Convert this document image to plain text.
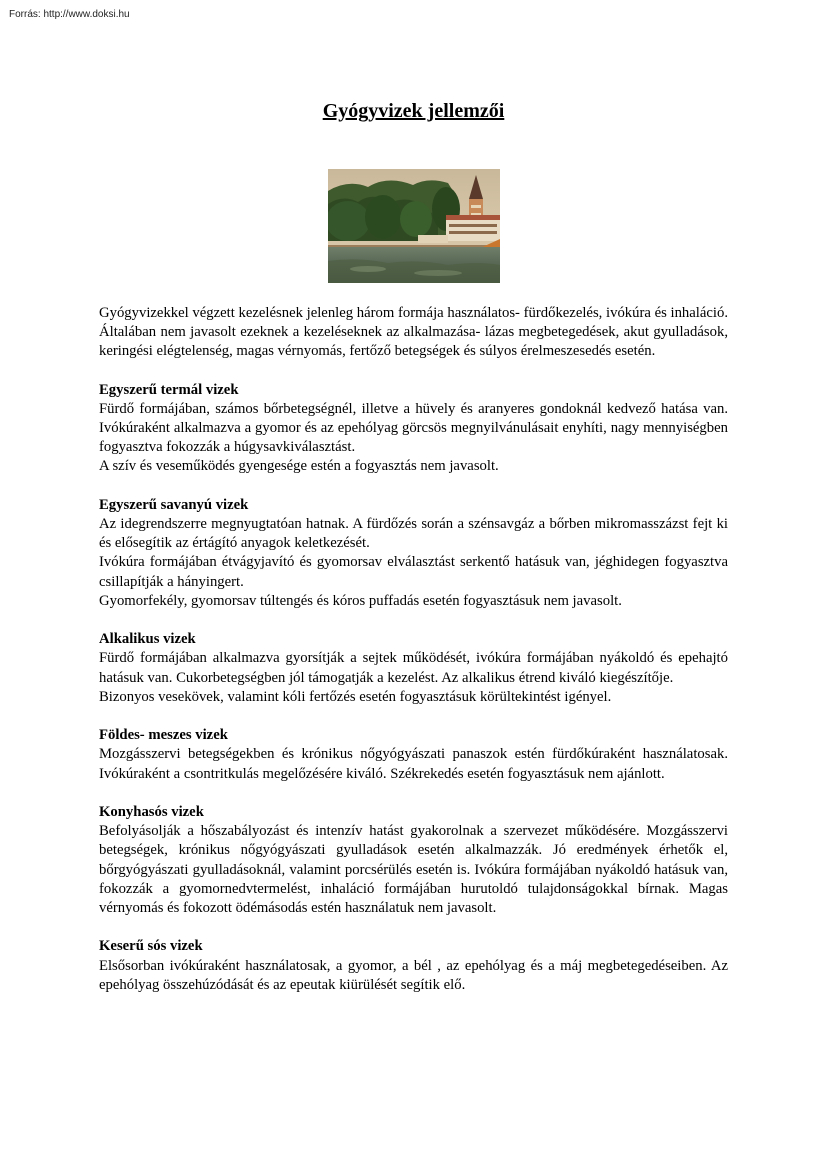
Forrás: http://www.doksi.hu
Gyógyvizek jellemzői

Gyógyvizekkel végzett kezelésnek jelenleg három formája használatos- fürdőkezelés, ivókúra és inhaláció. Általában nem javasolt ezeknek a kezeléseknek az alkalmazása- lázas megbetegedések, akut gyulladások, keringési elégtelenség, magas vérnyomás, fertőző betegségek és súlyos érelmeszesedés esetén.

Egyszerű termál vizek

Fürdő formájában, számos bőrbetegségnél, illetve a hüvely és aranyeres gondoknál kedvező hatása van. Ivókúraként alkalmazva a gyomor és az epehólyag görcsös megnyilvánulásait enyhíti, nagy mennyiségben fogyasztva fokozzák a húgysavkiválasztást.

A szív és veseműködés gyengesége estén a fogyasztás nem javasolt.

Egyszerű savanyú vizek

Az idegrendszerre megnyugtatóan hatnak. A fürdőzés során a szénsavgáz a bőrben mikromasszázst fejt ki és elősegítik az értágító anyagok keletkezését.

Ivókúra formájában étvágyjavító és gyomorsav elválasztást serkentő hatásuk van, jéghidegen fogyasztva csillapítják a hányingert.

Gyomorfekély, gyomorsav túltengés és kóros puffadás esetén fogyasztásuk nem javasolt.

Alkalikus vizek

Fürdő formájában alkalmazva gyorsítják a sejtek működését, ivókúra formájában nyákoldó és epehajtó hatásuk van. Cukorbetegségben jól támogatják a kezelést. Az alkalikus étrend kiváló kiegészítője.

Bizonyos vesekövek, valamint kóli fertőzés esetén fogyasztásuk körültekintést igényel.

Földes- meszes vizek

Mozgásszervi betegségekben és krónikus nőgyógyászati panaszok estén fürdőkúraként használatosak. Ivókúraként a csontritkulás megelőzésére kiváló. Székrekedés esetén fogyasztásuk nem ajánlott.

Konyhasós vizek

Befolyásolják a hőszabályozást és intenzív hatást gyakorolnak a szervezet működésére. Mozgásszervi betegségek, krónikus nőgyógyászati gyulladások esetén alkalmazzák. Jó eredmények érhetők el, bőrgyógyászati gyulladásoknál, valamint porcsérülés esetén is. Ivókúra formájában nyákoldó hatásuk van, fokozzák a gyomornedvtermelést, inhaláció formájában hurutoldó tulajdonságokkal bírnak. Magas vérnyomás és fokozott ödémásodás estén használatuk nem javasolt.

Keserű sós vizek

Elsősorban ivókúraként használatosak, a gyomor, a bél , az epehólyag és a máj megbetegedéseiben. Az epehólyag összehúzódását és az epeutak kiürülését segítik elő.
